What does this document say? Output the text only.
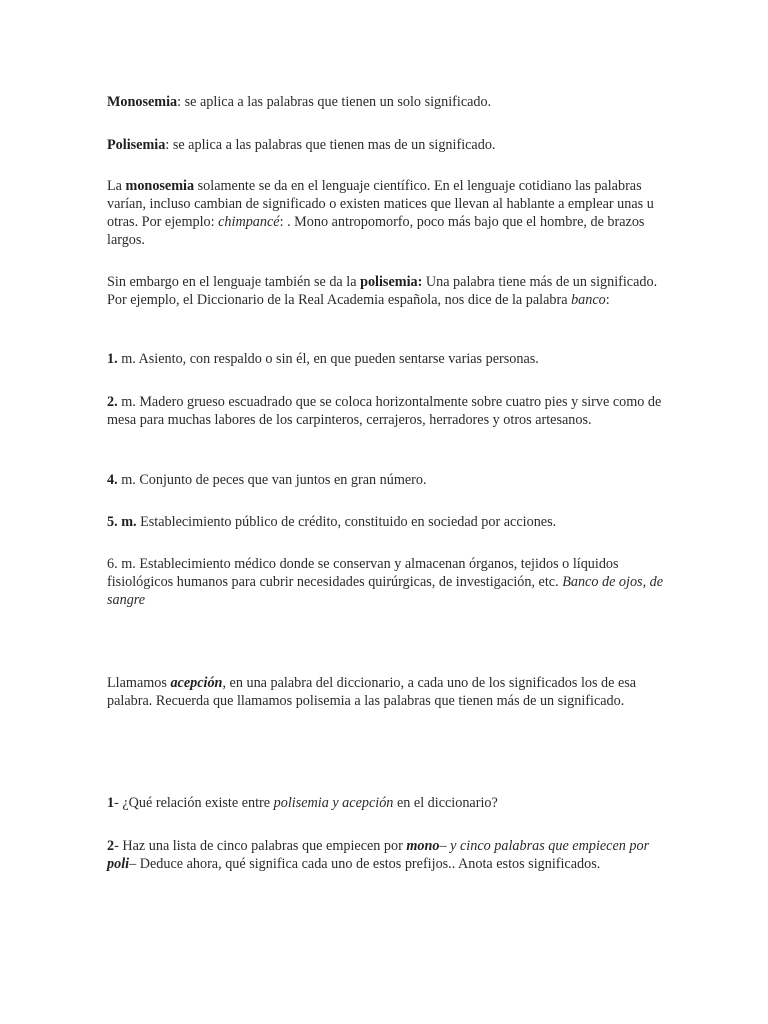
Monosemia: se aplica a las palabras que tienen un solo significado.

Polisemia: se aplica a las palabras que tienen mas de un significado.

La monosemia solamente se da en el lenguaje científico. En el lenguaje cotidiano las palabras varían, incluso cambian de significado o existen matices que llevan al hablante a emplear unas u otras. Por ejemplo: chimpancé: . Mono antropomorfo, poco más bajo que el hombre, de brazos largos.

Sin embargo en el lenguaje también se da la polisemia: Una palabra tiene más de un significado. Por ejemplo, el Diccionario de la Real Academia española, nos dice de la palabra banco:

1. m. Asiento, con respaldo o sin él, en que pueden sentarse varias personas.

2. m. Madero grueso escuadrado que se coloca horizontalmente sobre cuatro pies y sirve como de mesa para muchas labores de los carpinteros, cerrajeros, herradores y otros artesanos.

4. m. Conjunto de peces que van juntos en gran número.

5. m. Establecimiento público de crédito, constituido en sociedad por acciones.

6. m. Establecimiento médico donde se conservan y almacenan órganos, tejidos o líquidos fisiológicos humanos para cubrir necesidades quirúrgicas, de investigación, etc. Banco de ojos, de sangre

Llamamos acepción, en una palabra del diccionario, a cada uno de los significados los de esa palabra. Recuerda que llamamos polisemia a las palabras que tienen más de un significado.

1- ¿Qué relación existe entre polisemia y acepción en el diccionario?

2- Haz una lista de cinco palabras que empiecen por mono– y cinco palabras que empiecen por poli– Deduce ahora, qué significa cada uno de estos prefijos.. Anota estos significados.
